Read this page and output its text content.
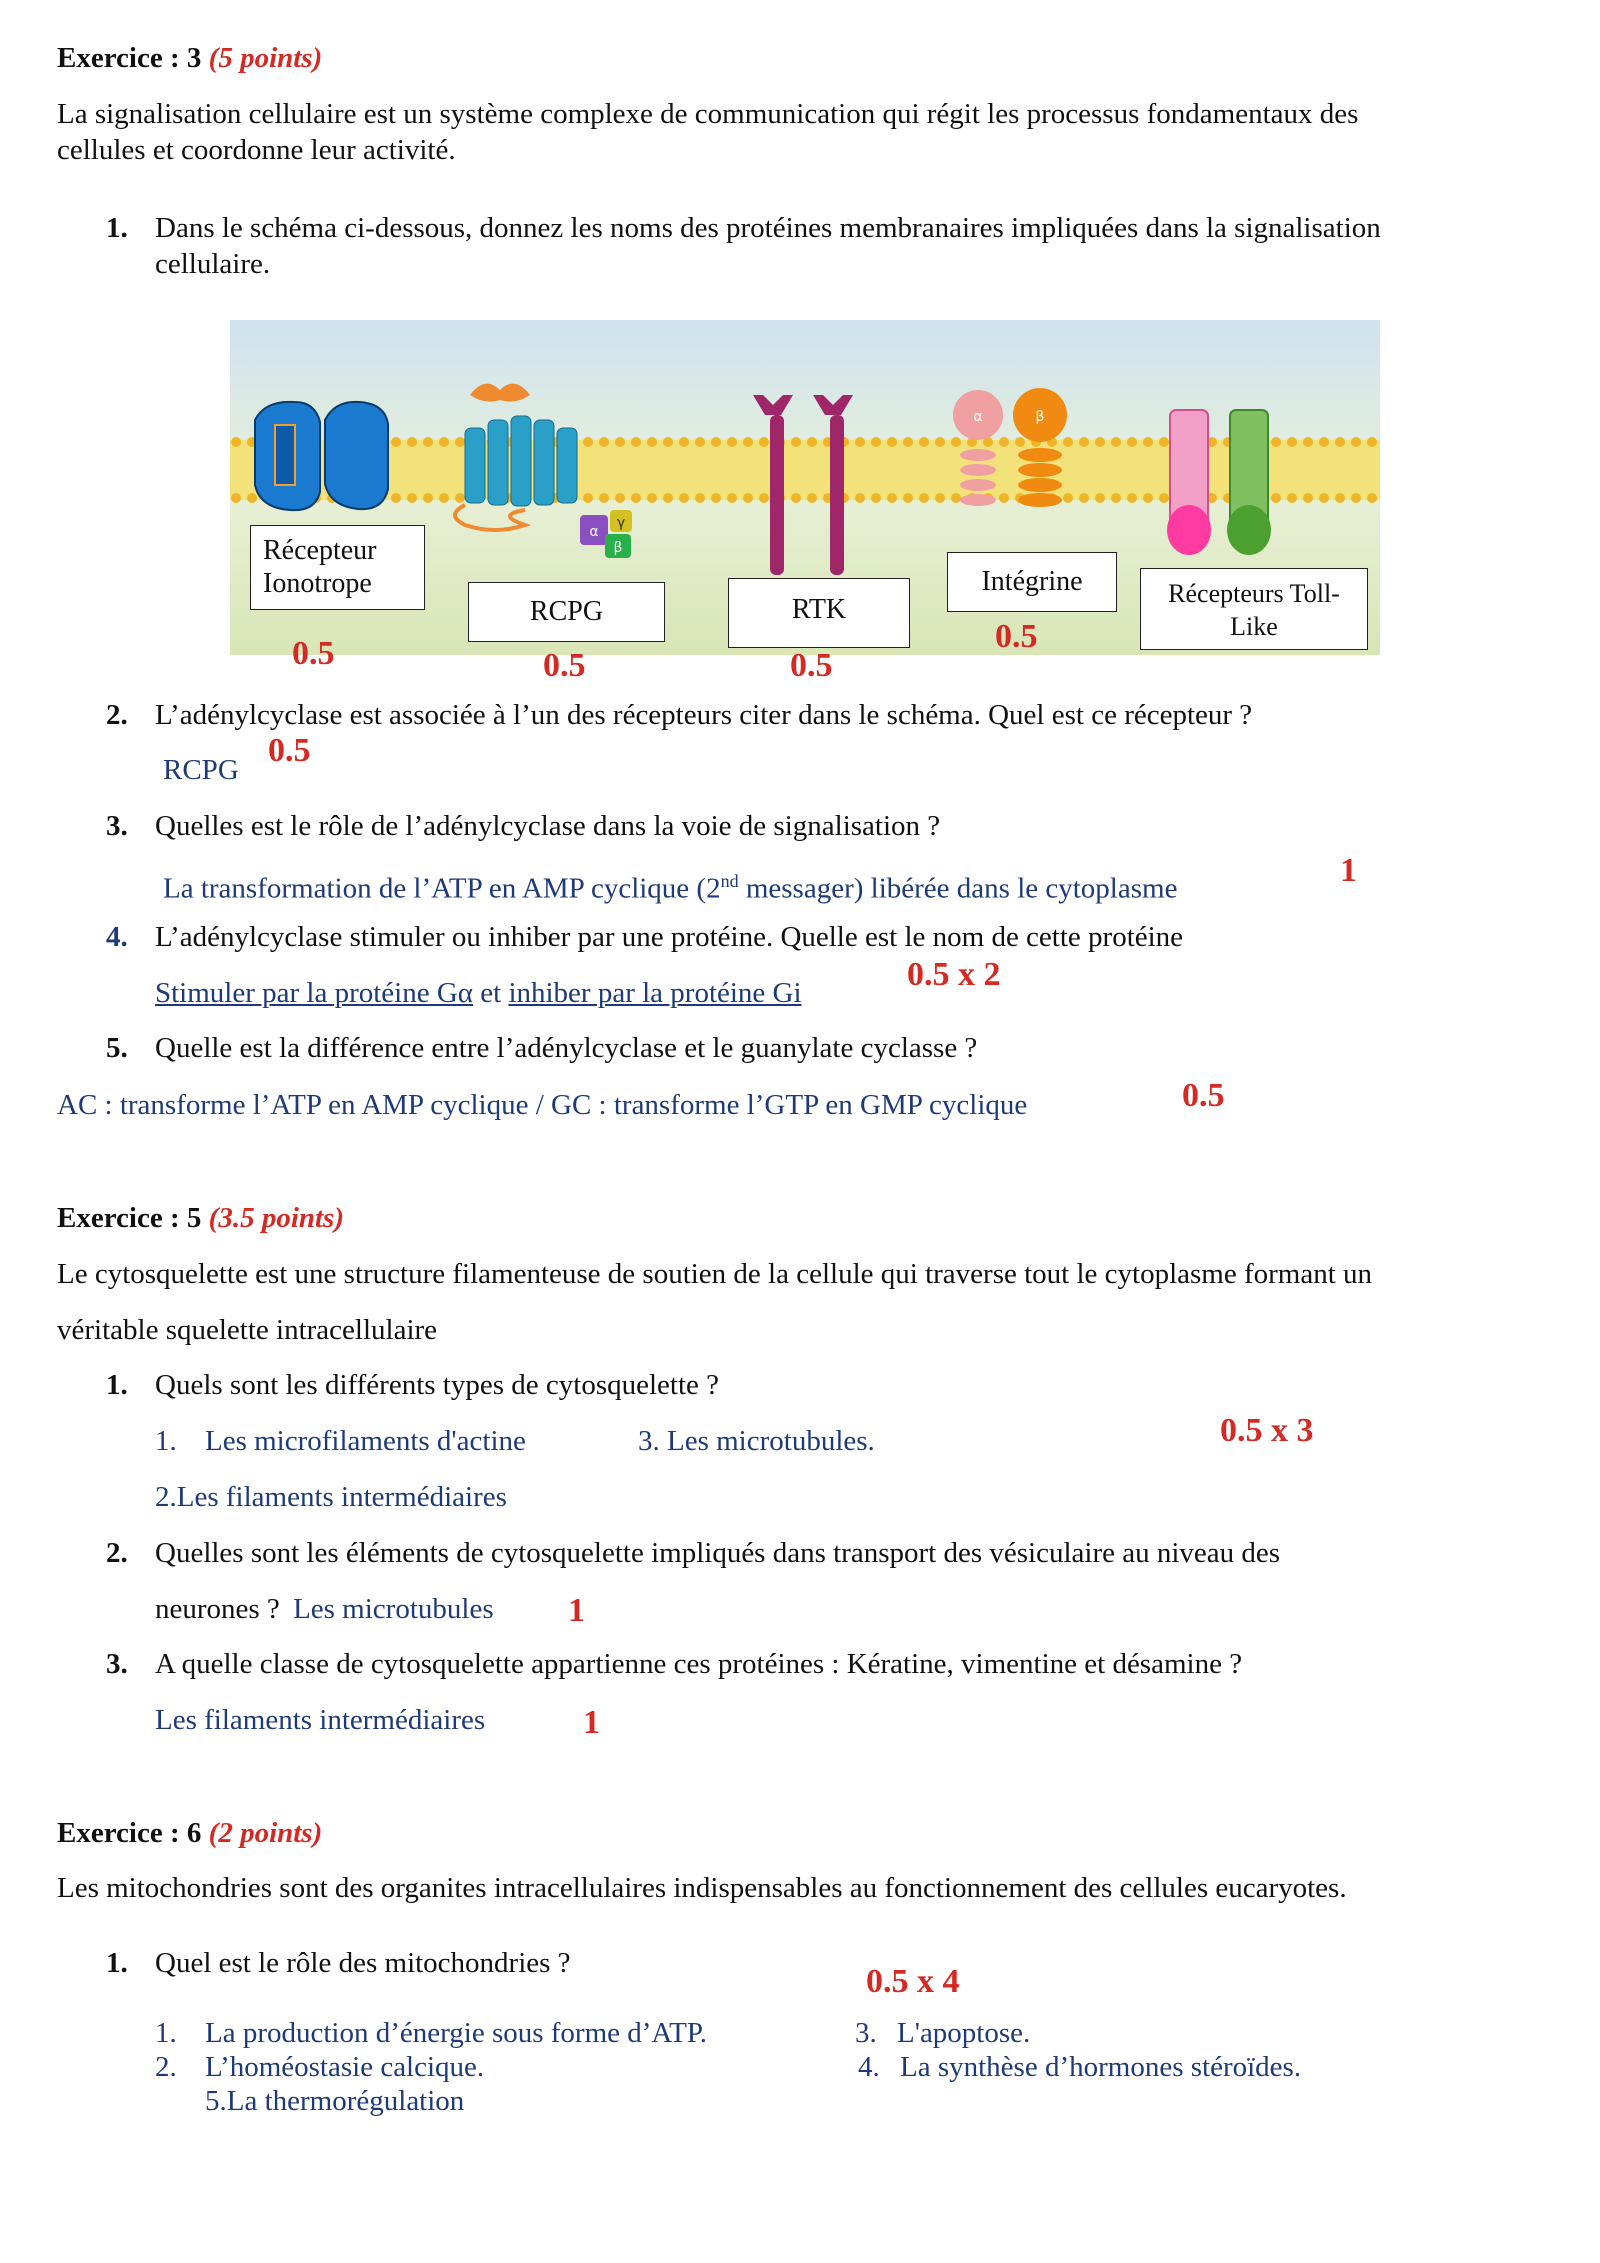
Exercice : 3 (5 points)
La signalisation cellulaire est un système complexe de communication qui régit les processus fondamentaux des
cellules et coordonne leur activité.
1. Dans le schéma ci-dessous, donnez les noms des protéines membranaires impliquées dans la signalisation
cellulaire.
α
γ
β
α	β
Récepteur
Ionotrope
RCPG	RTK
Intégrine	Récepteurs Toll-
Like
0.5	0.5	0.5
0.5
2. L’adénylcyclase est associée à l’un des récepteurs citer dans le schéma. Quel est ce récepteur ?
RCPG
0.5
3. Quelles est le rôle de l’adénylcyclase dans la voie de signalisation ?
La transformation de l’ATP en AMP cyclique (2nd messager) libérée dans le cytoplasme	1
4. L’adénylcyclase stimuler ou inhiber par une protéine. Quelle est le nom de cette protéine
Stimuler par la protéine Gα et inhiber par la protéine Gi	0.5 x 2
5. Quelle est la différence entre l’adénylcyclase et le guanylate cyclasse ?
AC : transforme l’ATP en AMP cyclique / GC : transforme l’GTP en GMP cyclique	0.5
Exercice : 5 (3.5 points)
Le cytosquelette est une structure filamenteuse de soutien de la cellule qui traverse tout le cytoplasme formant un
véritable squelette intracellulaire
1. Quels sont les différents types de cytosquelette ?
1. Les microfilaments d'actine	3. Les microtubules.	0.5 x 3
2.Les filaments intermédiaires
2. Quelles sont les éléments de cytosquelette impliqués dans transport des vésiculaire au niveau des
neurones ? Les microtubules 1
3. A quelle classe de cytosquelette appartienne ces protéines : Kératine, vimentine et désamine ?
Les filaments intermédiaires	1
Exercice : 6 (2 points)
Les mitochondries sont des organites intracellulaires indispensables au fonctionnement des cellules eucaryotes.
1. Quel est le rôle des mitochondries ?	0.5 x 4
1. La production d’énergie sous forme d’ATP.
2. L’homéostasie calcique.
3. L'apoptose.
4. La synthèse d’hormones stéroïdes.
5.La thermorégulation
